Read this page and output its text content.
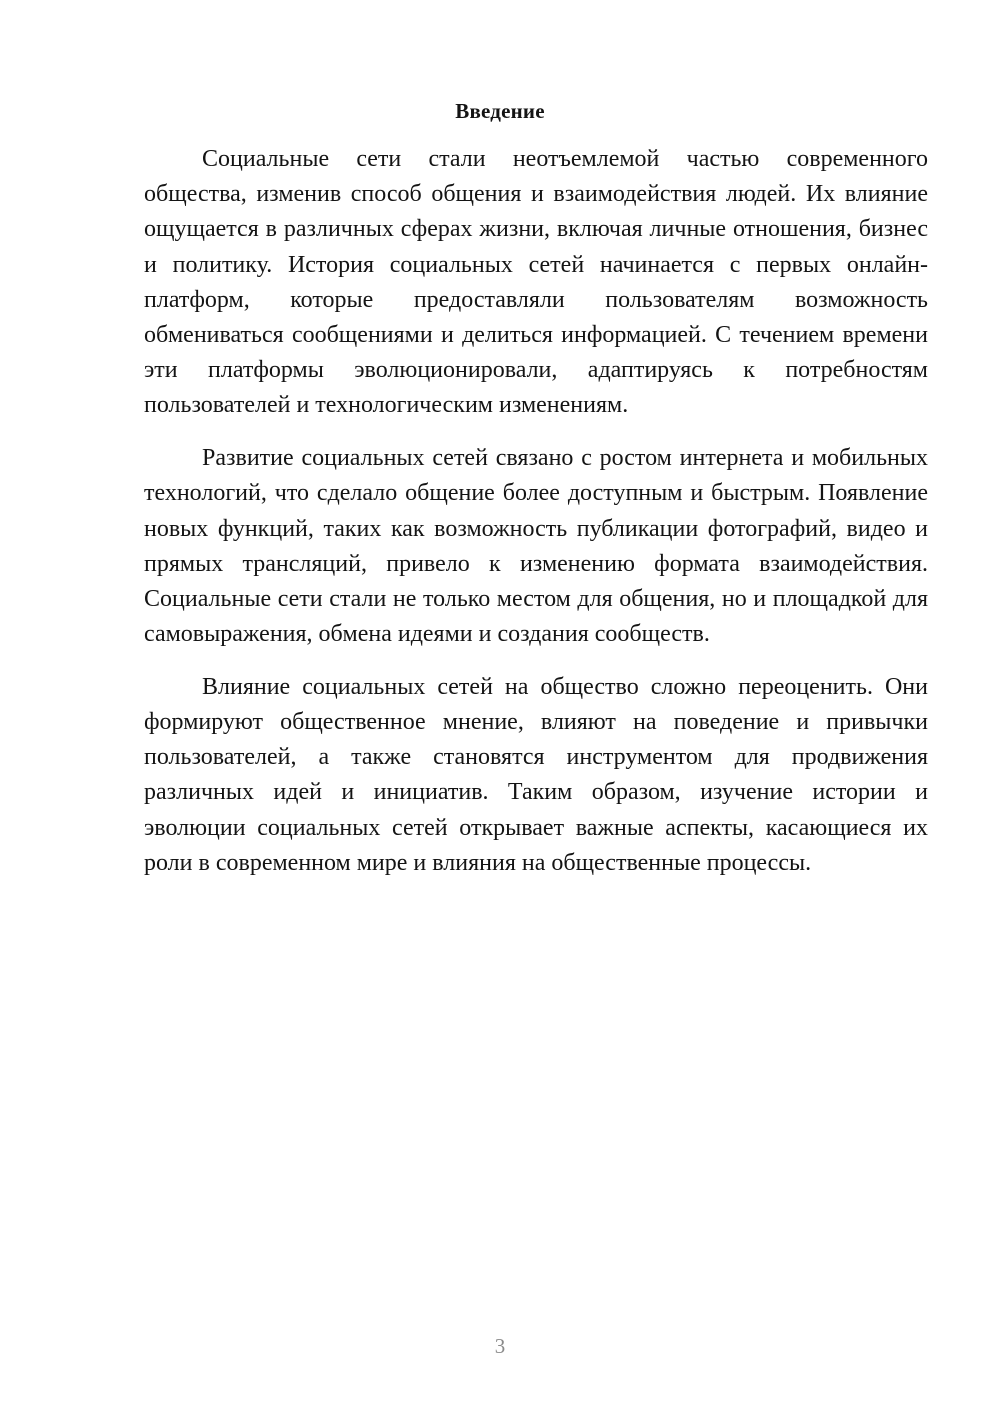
Введение

Социальные сети стали неотъемлемой частью современного общества, изменив способ общения и взаимодействия людей. Их влияние ощущается в различных сферах жизни, включая личные отношения, бизнес и политику. История социальных сетей начинается с первых онлайн-платформ, которые предоставляли пользователям возможность обмениваться сообщениями и делиться информацией. С течением времени эти платформы эволюционировали, адаптируясь к потребностям пользователей и технологическим изменениям.

Развитие социальных сетей связано с ростом интернета и мобильных технологий, что сделало общение более доступным и быстрым. Появление новых функций, таких как возможность публикации фотографий, видео и прямых трансляций, привело к изменению формата взаимодействия. Социальные сети стали не только местом для общения, но и площадкой для самовыражения, обмена идеями и создания сообществ.

Влияние социальных сетей на общество сложно переоценить. Они формируют общественное мнение, влияют на поведение и привычки пользователей, а также становятся инструментом для продвижения различных идей и инициатив. Таким образом, изучение истории и эволюции социальных сетей открывает важные аспекты, касающиеся их роли в современном мире и влияния на общественные процессы.

3
